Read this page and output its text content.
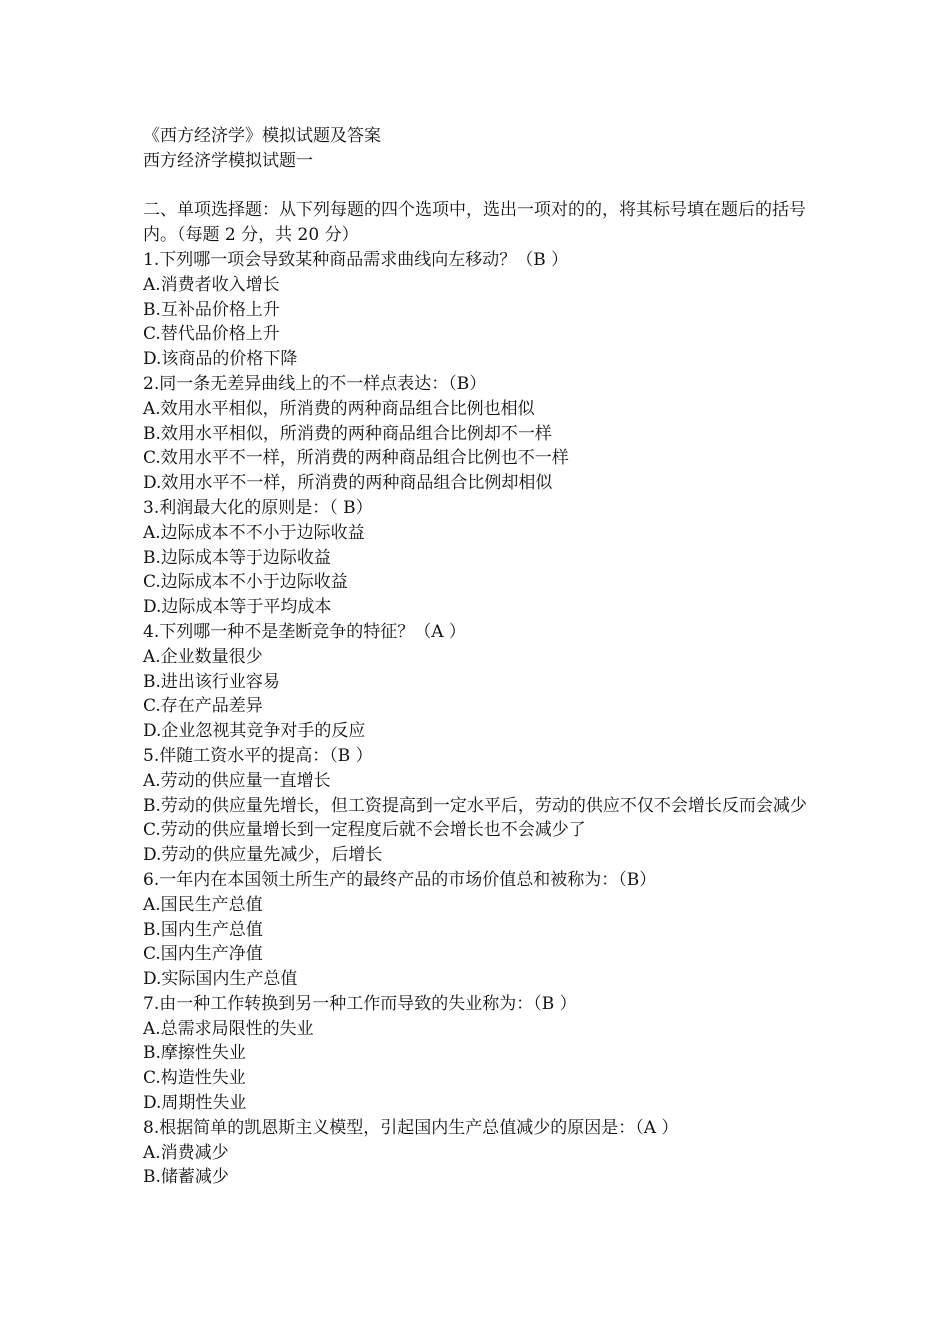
《西方经济学》模拟试题及答案
西方经济学模拟试题一
二、单项选择题：从下列每题的四个选项中，选出一项对的的，将其标号填在题后的括号内。（每题 2 分，共 20 分）
1.下列哪一项会导致某种商品需求曲线向左移动？（B ）
A.消费者收入增长
B.互补品价格上升
C.替代品价格上升
D.该商品的价格下降
2.同一条无差异曲线上的不一样点表达：（B）
A.效用水平相似，所消费的两种商品组合比例也相似
B.效用水平相似，所消费的两种商品组合比例却不一样
C.效用水平不一样，所消费的两种商品组合比例也不一样
D.效用水平不一样，所消费的两种商品组合比例却相似
3.利润最大化的原则是：（ B）
A.边际成本不不小于边际收益
B.边际成本等于边际收益
C.边际成本不小于边际收益
D.边际成本等于平均成本
4.下列哪一种不是垄断竞争的特征？（A ）
A.企业数量很少
B.进出该行业容易
C.存在产品差异
D.企业忽视其竞争对手的反应
5.伴随工资水平的提高：（B ）
A.劳动的供应量一直增长
B.劳动的供应量先增长，但工资提高到一定水平后，劳动的供应不仅不会增长反而会减少
C.劳动的供应量增长到一定程度后就不会增长也不会减少了
D.劳动的供应量先减少，后增长
6.一年内在本国领土所生产的最终产品的市场价值总和被称为：（B）
A.国民生产总值
B.国内生产总值
C.国内生产净值
D.实际国内生产总值
7.由一种工作转换到另一种工作而导致的失业称为：（B ）
A.总需求局限性的失业
B.摩擦性失业
C.构造性失业
D.周期性失业
8.根据简单的凯恩斯主义模型，引起国内生产总值减少的原因是：（A ）
A.消费减少
B.储蓄减少
